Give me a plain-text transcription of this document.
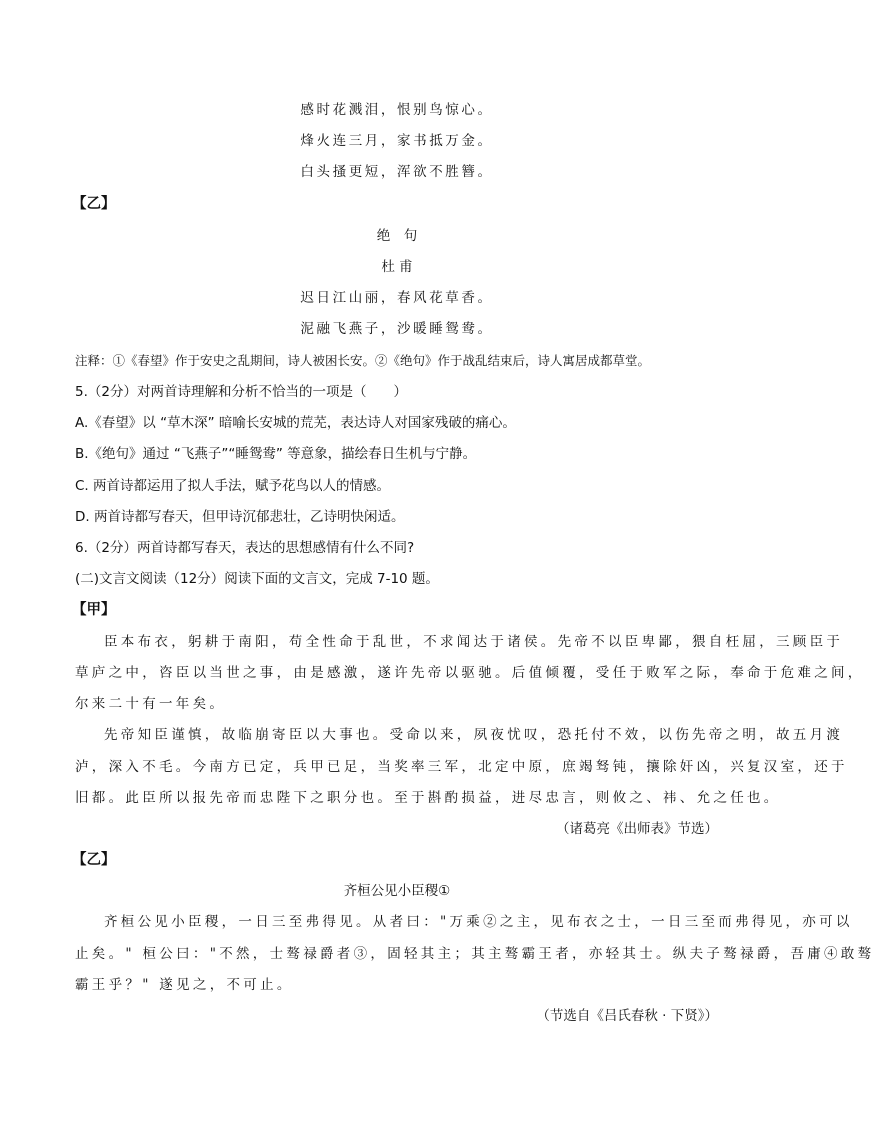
感时花溅泪，恨别鸟惊心。
烽火连三月，家书抵万金。
白头搔更短，浑欲不胜簪。
【乙】
绝　句
杜 甫
迟日江山丽，春风花草香。
泥融飞燕子，沙暖睡鸳鸯。
注释：①《春望》作于安史之乱期间，诗人被困长安。②《绝句》作于战乱结束后，诗人寓居成都草堂。
5.（2分）对两首诗理解和分析不恰当的一项是（　　）
A.《春望》以 “草木深” 暗喻长安城的荒芜，表达诗人对国家残破的痛心。
B.《绝句》通过 “飞燕子”“睡鸳鸯” 等意象，描绘春日生机与宁静。
C. 两首诗都运用了拟人手法，赋予花鸟以人的情感。
D. 两首诗都写春天，但甲诗沉郁悲壮，乙诗明快闲适。
6.（2分）两首诗都写春天，表达的思想感情有什么不同?
(二)文言文阅读（12分）阅读下面的文言文，完成 7-10 题。
【甲】
臣本布衣，躬耕于南阳，苟全性命于乱世，不求闻达于诸侯。先帝不以臣卑鄙，猥自枉屈，三顾臣于
草庐之中，咨臣以当世之事，由是感激，遂许先帝以驱驰。后值倾覆，受任于败军之际，奉命于危难之间，
尔来二十有一年矣。
先帝知臣谨慎，故临崩寄臣以大事也。受命以来，夙夜忧叹，恐托付不效，以伤先帝之明，故五月渡
泸，深入不毛。今南方已定，兵甲已足，当奖率三军，北定中原，庶竭驽钝，攘除奸凶，兴复汉室，还于
旧都。此臣所以报先帝而忠陛下之职分也。至于斟酌损益，进尽忠言，则攸之、祎、允之任也。
（诸葛亮《出师表》节选）
【乙】
齐桓公见小臣稷①
齐桓公见小臣稷，一日三至弗得见。从者曰："万乘②之主，见布衣之士，一日三至而弗得见，亦可以
止矣。" 桓公曰："不然，士骜禄爵者③，固轻其主；其主骜霸王者，亦轻其士。纵夫子骜禄爵，吾庸④敢骜
霸王乎？" 遂见之，不可止。
（节选自《吕氏春秋 · 下贤》）
